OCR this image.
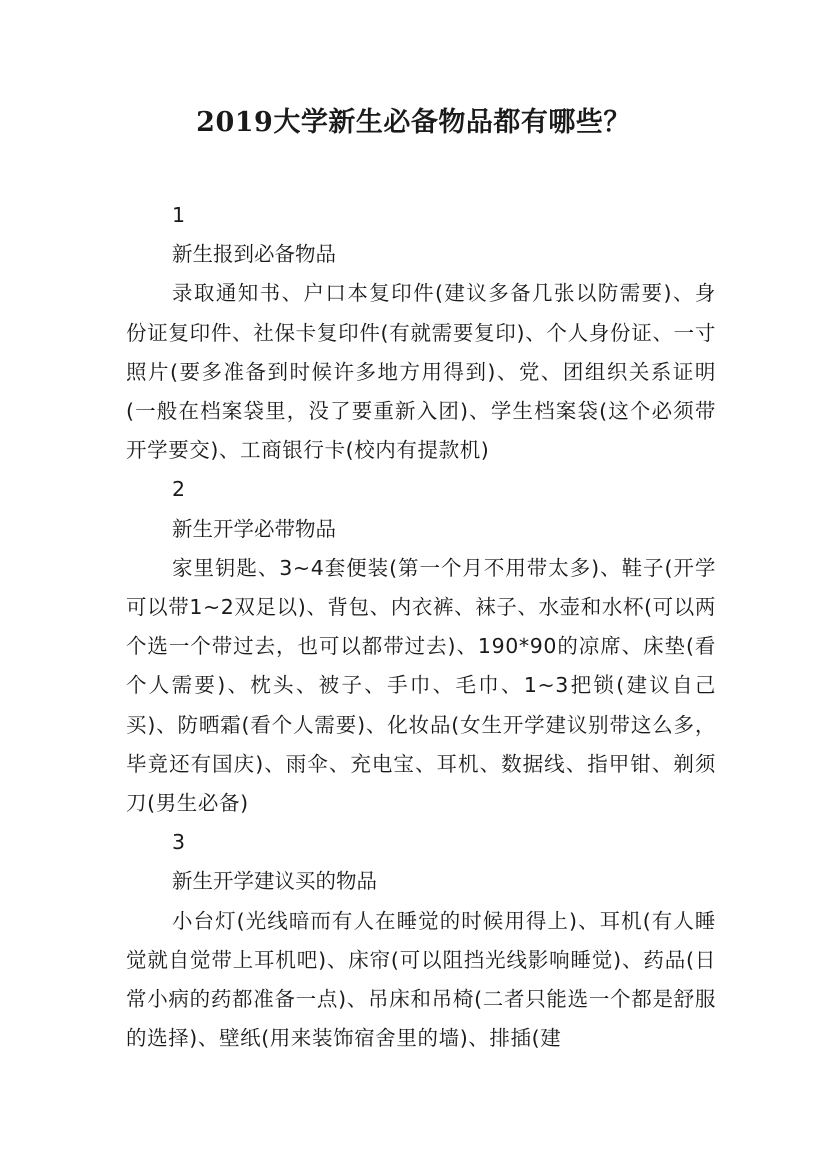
2019大学新生必备物品都有哪些？
1
新生报到必备物品
录取通知书、户口本复印件(建议多备几张以防需要)、身份证复印件、社保卡复印件(有就需要复印)、个人身份证、一寸照片(要多准备到时候许多地方用得到)、党、团组织关系证明(一般在档案袋里，没了要重新入团)、学生档案袋(这个必须带开学要交)、工商银行卡(校内有提款机)
2
新生开学必带物品
家里钥匙、3~4套便装(第一个月不用带太多)、鞋子(开学可以带1~2双足以)、背包、内衣裤、袜子、水壶和水杯(可以两个选一个带过去，也可以都带过去)、190*90的凉席、床垫(看个人需要)、枕头、被子、手巾、毛巾、1~3把锁(建议自己买)、防晒霜(看个人需要)、化妆品(女生开学建议别带这么多，毕竟还有国庆)、雨伞、充电宝、耳机、数据线、指甲钳、剃须刀(男生必备)
3
新生开学建议买的物品
小台灯(光线暗而有人在睡觉的时候用得上)、耳机(有人睡觉就自觉带上耳机吧)、床帘(可以阻挡光线影响睡觉)、药品(日常小病的药都准备一点)、吊床和吊椅(二者只能选一个都是舒服的选择)、壁纸(用来装饰宿舍里的墙)、排插(建
